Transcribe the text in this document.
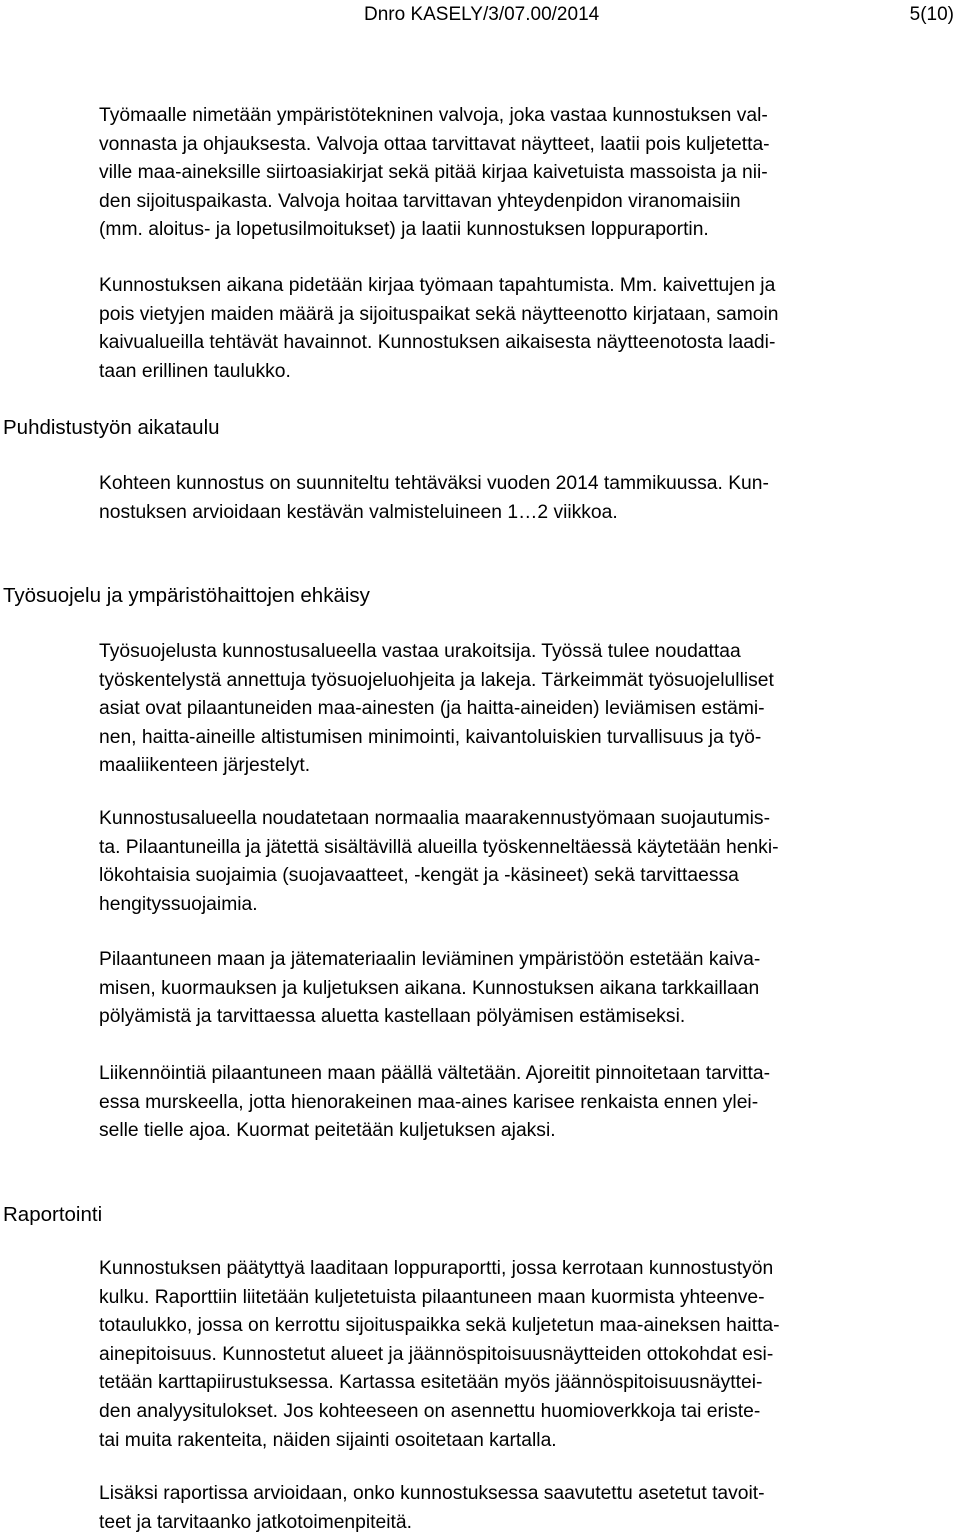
Dnro KASELY/3/07.00/2014	5(10)

Työmaalle nimetään ympäristötekninen valvoja, joka vastaa kunnostuksen val-
vonnasta ja ohjauksesta. Valvoja ottaa tarvittavat näytteet, laatii pois kuljetetta-
ville maa-aineksille siirtoasiakirjat sekä pitää kirjaa kaivetuista massoista ja nii-
den sijoituspaikasta. Valvoja hoitaa tarvittavan yhteydenpidon viranomaisiin
(mm. aloitus- ja lopetusilmoitukset) ja laatii kunnostuksen loppuraportin.

Kunnostuksen aikana pidetään kirjaa työmaan tapahtumista. Mm. kaivettujen ja
pois vietyjen maiden määrä ja sijoituspaikat sekä näytteenotto kirjataan, samoin
kaivualueilla tehtävät havainnot. Kunnostuksen aikaisesta näytteenotosta laadi-
taan erillinen taulukko.

Puhdistustyön aikataulu

Kohteen kunnostus on suunniteltu tehtäväksi vuoden 2014 tammikuussa. Kun-
nostuksen arvioidaan kestävän valmisteluineen 1…2 viikkoa.

Työsuojelu ja ympäristöhaittojen ehkäisy

Työsuojelusta kunnostusalueella vastaa urakoitsija. Työssä tulee noudattaa
työskentelystä annettuja työsuojeluohjeita ja lakeja. Tärkeimmät työsuojelulliset
asiat ovat pilaantuneiden maa-ainesten (ja haitta-aineiden) leviämisen estämi-
nen, haitta-aineille altistumisen minimointi, kaivantoluiskien turvallisuus ja työ-
maaliikenteen järjestelyt.

Kunnostusalueella noudatetaan normaalia maarakennustyömaan suojautumis-
ta. Pilaantuneilla ja jätettä sisältävillä alueilla työskenneltäessä käytetään henki-
lökohtaisia suojaimia (suojavaatteet, -kengät ja -käsineet) sekä tarvittaessa
hengityssuojaimia.

Pilaantuneen maan ja jätemateriaalin leviäminen ympäristöön estetään kaiva-
misen, kuormauksen ja kuljetuksen aikana. Kunnostuksen aikana tarkkaillaan
pölyämistä ja tarvittaessa aluetta kastellaan pölyämisen estämiseksi.

Liikennöintiä pilaantuneen maan päällä vältetään. Ajoreitit pinnoitetaan tarvitta-
essa murskeella, jotta hienorakeinen maa-aines karisee renkaista ennen ylei-
selle tielle ajoa. Kuormat peitetään kuljetuksen ajaksi.

Raportointi

Kunnostuksen päätyttyä laaditaan loppuraportti, jossa kerrotaan kunnostustyön
kulku. Raporttiin liitetään kuljetetuista pilaantuneen maan kuormista yhteenve-
totaulukko, jossa on kerrottu sijoituspaikka sekä kuljetetun maa-aineksen haitta-
ainepitoisuus. Kunnostetut alueet ja jäännöspitoisuusnäytteiden ottokohdat esi-
tetään karttapiirustuksessa. Kartassa esitetään myös jäännöspitoisuusnäyttei-
den analyysitulokset. Jos kohteeseen on asennettu huomioverkkoja tai eriste-
tai muita rakenteita, näiden sijainti osoitetaan kartalla.

Lisäksi raportissa arvioidaan, onko kunnostuksessa saavutettu asetetut tavoit-
teet ja tarvitaanko jatkotoimenpiteitä.
